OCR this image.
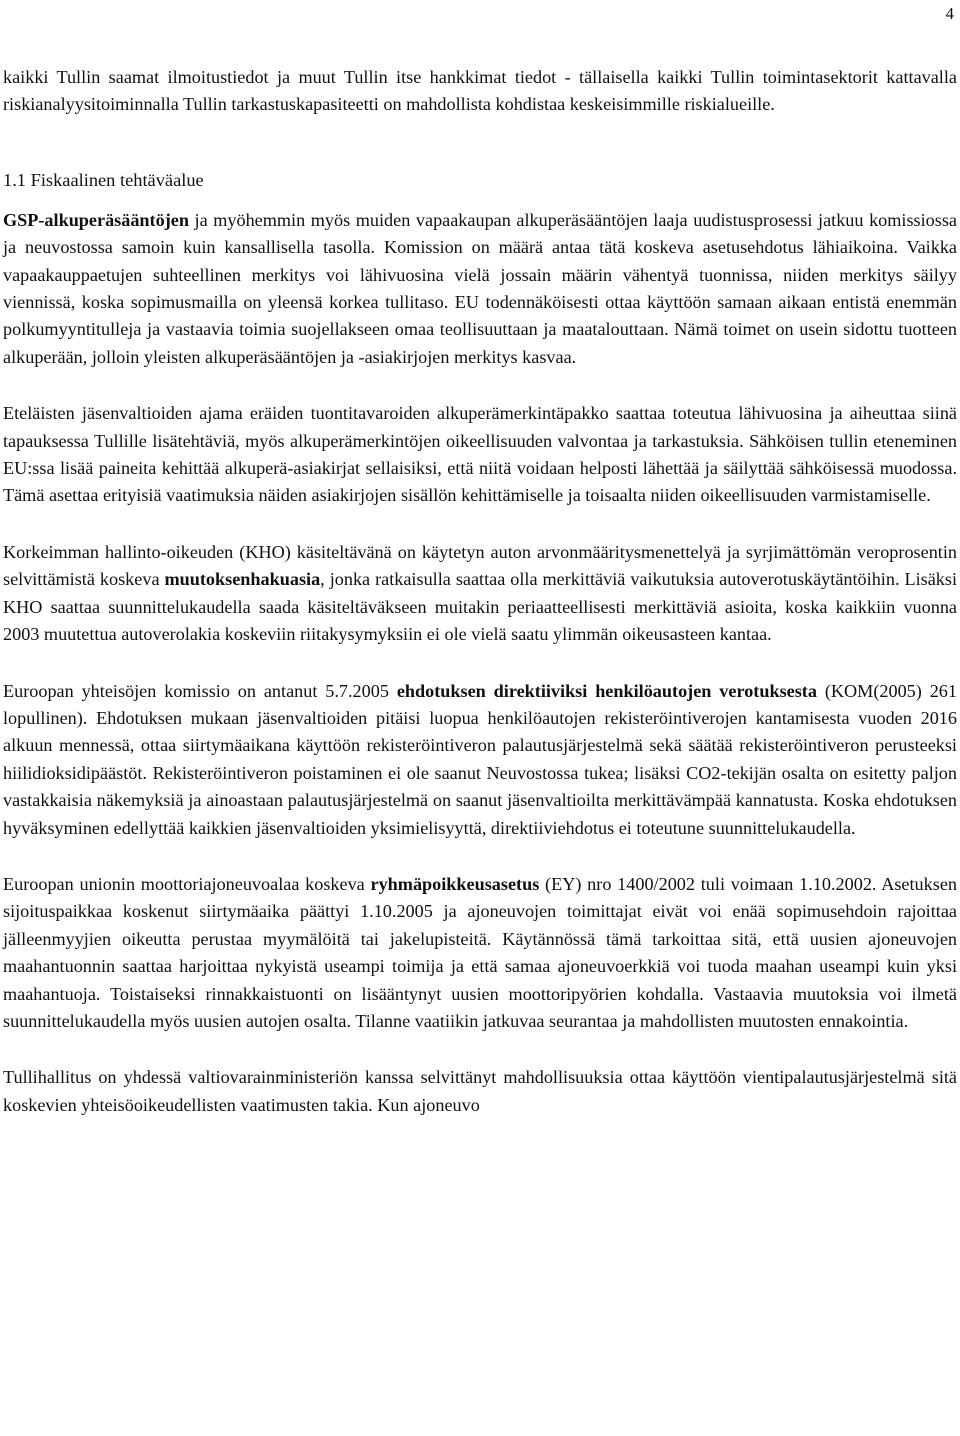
4

kaikki Tullin saamat ilmoitustiedot ja muut Tullin itse hankkimat tiedot - tällaisella kaikki Tullin toimintasektorit kattavalla riskianalyysitoiminnalla Tullin tarkastuskapasiteetti on mahdollista kohdistaa keskeisimmille riskialueille.

1.1 Fiskaalinen tehtäväalue

GSP-alkuperäsääntöjen ja myöhemmin myös muiden vapaakaupan alkuperäsääntöjen laaja uudistusprosessi jatkuu komissiossa ja neuvostossa samoin kuin kansallisella tasolla. Komission on määrä antaa tätä koskeva asetusehdotus lähiaikoina. Vaikka vapaakauppaetujen suhteellinen merkitys voi lähivuosina vielä jossain määrin vähentyä tuonnissa, niiden merkitys säilyy viennissä, koska sopimusmailla on yleensä korkea tullitaso. EU todennäköisesti ottaa käyttöön samaan aikaan entistä enemmän polkumyyntitulleja ja vastaavia toimia suojellakseen omaa teollisuuttaan ja maatalouttaan. Nämä toimet on usein sidottu tuotteen alkuperään, jolloin yleisten alkuperäsääntöjen ja -asiakirjojen merkitys kasvaa.

Eteläisten jäsenvaltioiden ajama eräiden tuontitavaroiden alkuperämerkintäpakko saattaa toteutua lähivuosina ja aiheuttaa siinä tapauksessa Tullille lisätehtäviä, myös alkuperämerkintöjen oikeellisuuden valvontaa ja tarkastuksia. Sähköisen tullin eteneminen EU:ssa lisää paineita kehittää alkuperä-asiakirjat sellaisiksi, että niitä voidaan helposti lähettää ja säilyttää sähköisessä muodossa. Tämä asettaa erityisiä vaatimuksia näiden asiakirjojen sisällön kehittämiselle ja toisaalta niiden oikeellisuuden varmistamiselle.

Korkeimman hallinto-oikeuden (KHO) käsiteltävänä on käytetyn auton arvonmääritysmenettelyä ja syrjimättömän veroprosentin selvittämistä koskeva muutoksenhakuasia, jonka ratkaisulla saattaa olla merkittäviä vaikutuksia autoverotuskäytäntöihin. Lisäksi KHO saattaa suunnittelukaudella saada käsiteltäväkseen muitakin periaatteellisesti merkittäviä asioita, koska kaikkiin vuonna 2003 muutettua autoverolakia koskeviin riitakysymyksiin ei ole vielä saatu ylimmän oikeusasteen kantaa.

Euroopan yhteisöjen komissio on antanut 5.7.2005 ehdotuksen direktiiviksi henkilöautojen verotuksesta (KOM(2005) 261 lopullinen). Ehdotuksen mukaan jäsenvaltioiden pitäisi luopua henkilöautojen rekisteröintiverojen kantamisesta vuoden 2016 alkuun mennessä, ottaa siirtymäaikana käyttöön rekisteröintiveron palautusjärjestelmä sekä säätää rekisteröintiveron perusteeksi hiilidioksidipäästöt. Rekisteröintiveron poistaminen ei ole saanut Neuvostossa tukea; lisäksi CO2-tekijän osalta on esitetty paljon vastakkaisia näkemyksiä ja ainoastaan palautusjärjestelmä on saanut jäsenvaltioilta merkittävämpää kannatusta. Koska ehdotuksen hyväksyminen edellyttää kaikkien jäsenvaltioiden yksimielisyyttä, direktiiviehdotus ei toteutune suunnittelukaudella.

Euroopan unionin moottoriajoneuvoalaa koskeva ryhmäpoikkeusasetus (EY) nro 1400/2002 tuli voimaan 1.10.2002. Asetuksen sijoituspaikkaa koskenut siirtymäaika päättyi 1.10.2005 ja ajoneuvojen toimittajat eivät voi enää sopimusehdoin rajoittaa jälleenmyyjien oikeutta perustaa myymälöitä tai jakelupisteitä. Käytännössä tämä tarkoittaa sitä, että uusien ajoneuvojen maahantuonnin saattaa harjoittaa nykyistä useampi toimija ja että samaa ajoneuvoerkkiä voi tuoda maahan useampi kuin yksi maahantuoja. Toistaiseksi rinnakkaistuonti on lisääntynyt uusien moottoripyörien kohdalla. Vastaavia muutoksia voi ilmetä suunnittelukaudella myös uusien autojen osalta. Tilanne vaatiikin jatkuvaa seurantaa ja mahdollisten muutosten ennakointia.

Tullihallitus on yhdessä valtiovarainministeriön kanssa selvittänyt mahdollisuuksia ottaa käyttöön vientipalautusjärjestelmä sitä koskevien yhteisöoikeudellisten vaatimusten takia. Kun ajoneuvo
